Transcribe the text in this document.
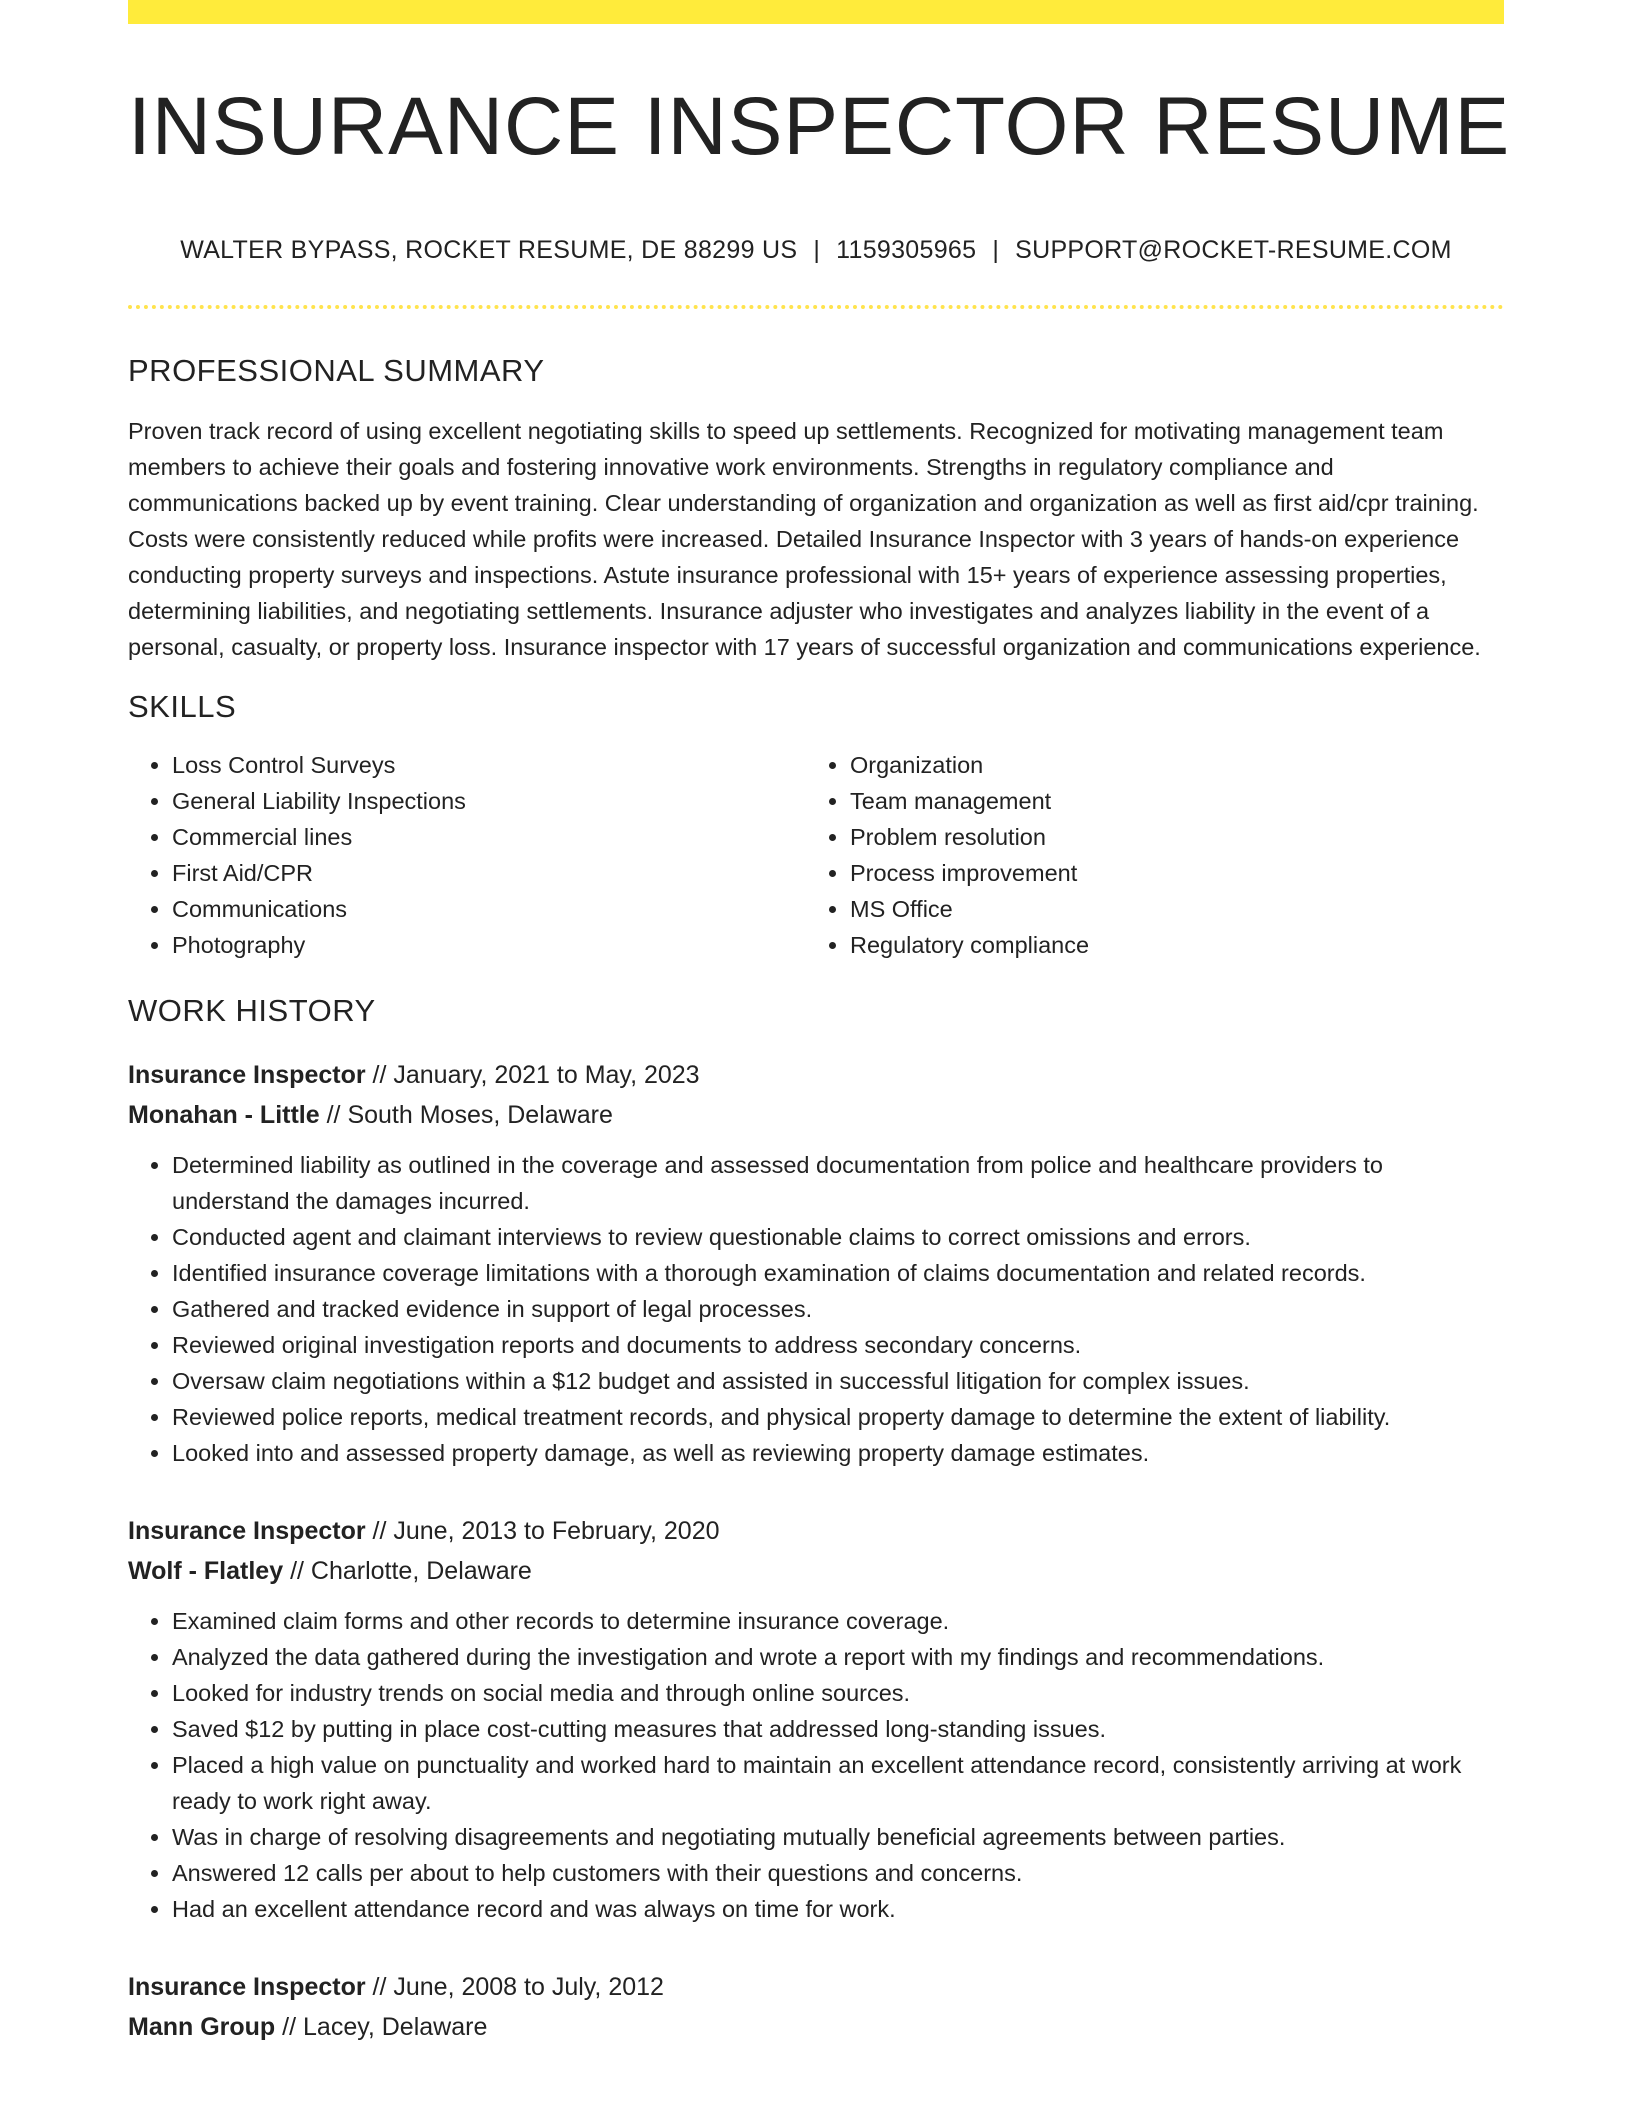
INSURANCE INSPECTOR RESUME
WALTER BYPASS, ROCKET RESUME, DE 88299 US | 1159305965 | SUPPORT@ROCKET-RESUME.COM
PROFESSIONAL SUMMARY

Proven track record of using excellent negotiating skills to speed up settlements. Recognized for motivating management team members to achieve their goals and fostering innovative work environments. Strengths in regulatory compliance and communications backed up by event training. Clear understanding of organization and organization as well as first aid/cpr training. Costs were consistently reduced while profits were increased. Detailed Insurance Inspector with 3 years of hands-on experience conducting property surveys and inspections. Astute insurance professional with 15+ years of experience assessing properties, determining liabilities, and negotiating settlements. Insurance adjuster who investigates and analyzes liability in the event of a personal, casualty, or property loss. Insurance inspector with 17 years of successful organization and communications experience.

SKILLS
• Loss Control Surveys
• General Liability Inspections
• Commercial lines
• First Aid/CPR
• Communications
• Photography
• Organization
• Team management
• Problem resolution
• Process improvement
• MS Office
• Regulatory compliance
WORK HISTORY
Insurance Inspector // January, 2021 to May, 2023
Monahan - Little // South Moses, Delaware
• Determined liability as outlined in the coverage and assessed documentation from police and healthcare providers to understand the damages incurred.
• Conducted agent and claimant interviews to review questionable claims to correct omissions and errors.
• Identified insurance coverage limitations with a thorough examination of claims documentation and related records.
• Gathered and tracked evidence in support of legal processes.
• Reviewed original investigation reports and documents to address secondary concerns.
• Oversaw claim negotiations within a $12 budget and assisted in successful litigation for complex issues.
• Reviewed police reports, medical treatment records, and physical property damage to determine the extent of liability.
• Looked into and assessed property damage, as well as reviewing property damage estimates.
Insurance Inspector // June, 2013 to February, 2020
Wolf - Flatley // Charlotte, Delaware
• Examined claim forms and other records to determine insurance coverage.
• Analyzed the data gathered during the investigation and wrote a report with my findings and recommendations.
• Looked for industry trends on social media and through online sources.
• Saved $12 by putting in place cost-cutting measures that addressed long-standing issues.
• Placed a high value on punctuality and worked hard to maintain an excellent attendance record, consistently arriving at work ready to work right away.
• Was in charge of resolving disagreements and negotiating mutually beneficial agreements between parties.
• Answered 12 calls per about to help customers with their questions and concerns.
• Had an excellent attendance record and was always on time for work.
Insurance Inspector // June, 2008 to July, 2012
Mann Group // Lacey, Delaware
